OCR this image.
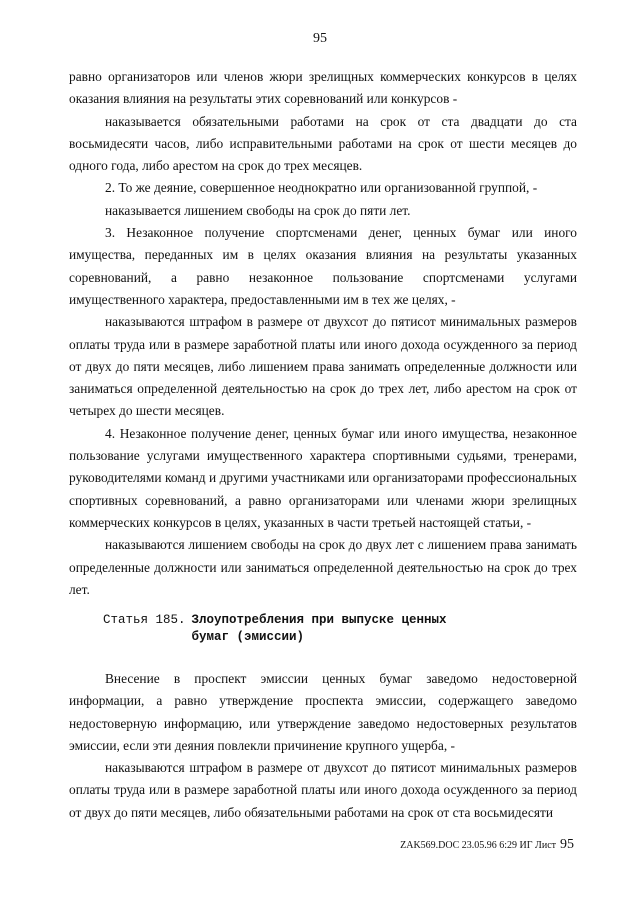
95

равно организаторов или членов жюри зрелищных коммерческих конкурсов в целях оказания влияния на результаты этих соревнований или конкурсов -

наказывается обязательными работами на срок от ста двадцати до ста восьмидесяти часов, либо исправительными работами на срок от шести месяцев до одного года, либо арестом на срок до трех месяцев.

2. То же деяние, совершенное неоднократно или организованной группой, -

наказывается лишением свободы на срок до пяти лет.

3. Незаконное получение спортсменами денег, ценных бумаг или иного имущества, переданных им в целях оказания влияния на результаты указанных соревнований, а равно незаконное пользование спортсменами услугами имущественного характера, предоставленными им в тех же целях, -

наказываются штрафом в размере от двухсот до пятисот минимальных размеров оплаты труда или в размере заработной платы или иного дохода осужденного за период от двух до пяти месяцев, либо лишением права занимать определенные должности или заниматься определенной деятельностью на срок до трех лет, либо арестом на срок от четырех до шести месяцев.

4. Незаконное получение денег, ценных бумаг или иного имущества, незаконное пользование услугами имущественного характера спортивными судьями, тренерами, руководителями команд и другими участниками или организаторами профессиональных спортивных соревнований, а равно организаторами или членами жюри зрелищных коммерческих конкурсов в целях, указанных в части третьей настоящей статьи, -

наказываются лишением свободы на срок до двух лет с лишением права занимать определенные должности или заниматься определенной деятельностью на срок до трех лет.

Статья 185. Злоупотребления при выпуске ценных
бумаг (эмиссии)

Внесение в проспект эмиссии ценных бумаг заведомо недостоверной информации, а равно утверждение проспекта эмиссии, содержащего заведомо недостоверную информацию, или утверждение заведомо недостоверных результатов эмиссии, если эти деяния повлекли причинение крупного ущерба, -

наказываются штрафом в размере от двухсот до пятисот минимальных размеров оплаты труда или в размере заработной платы или иного дохода осужденного за период от двух до пяти месяцев, либо обязательными работами на срок от ста восьмидесяти

ZAK569.DOC 23.05.96 6:29 ИГ Лист 95
